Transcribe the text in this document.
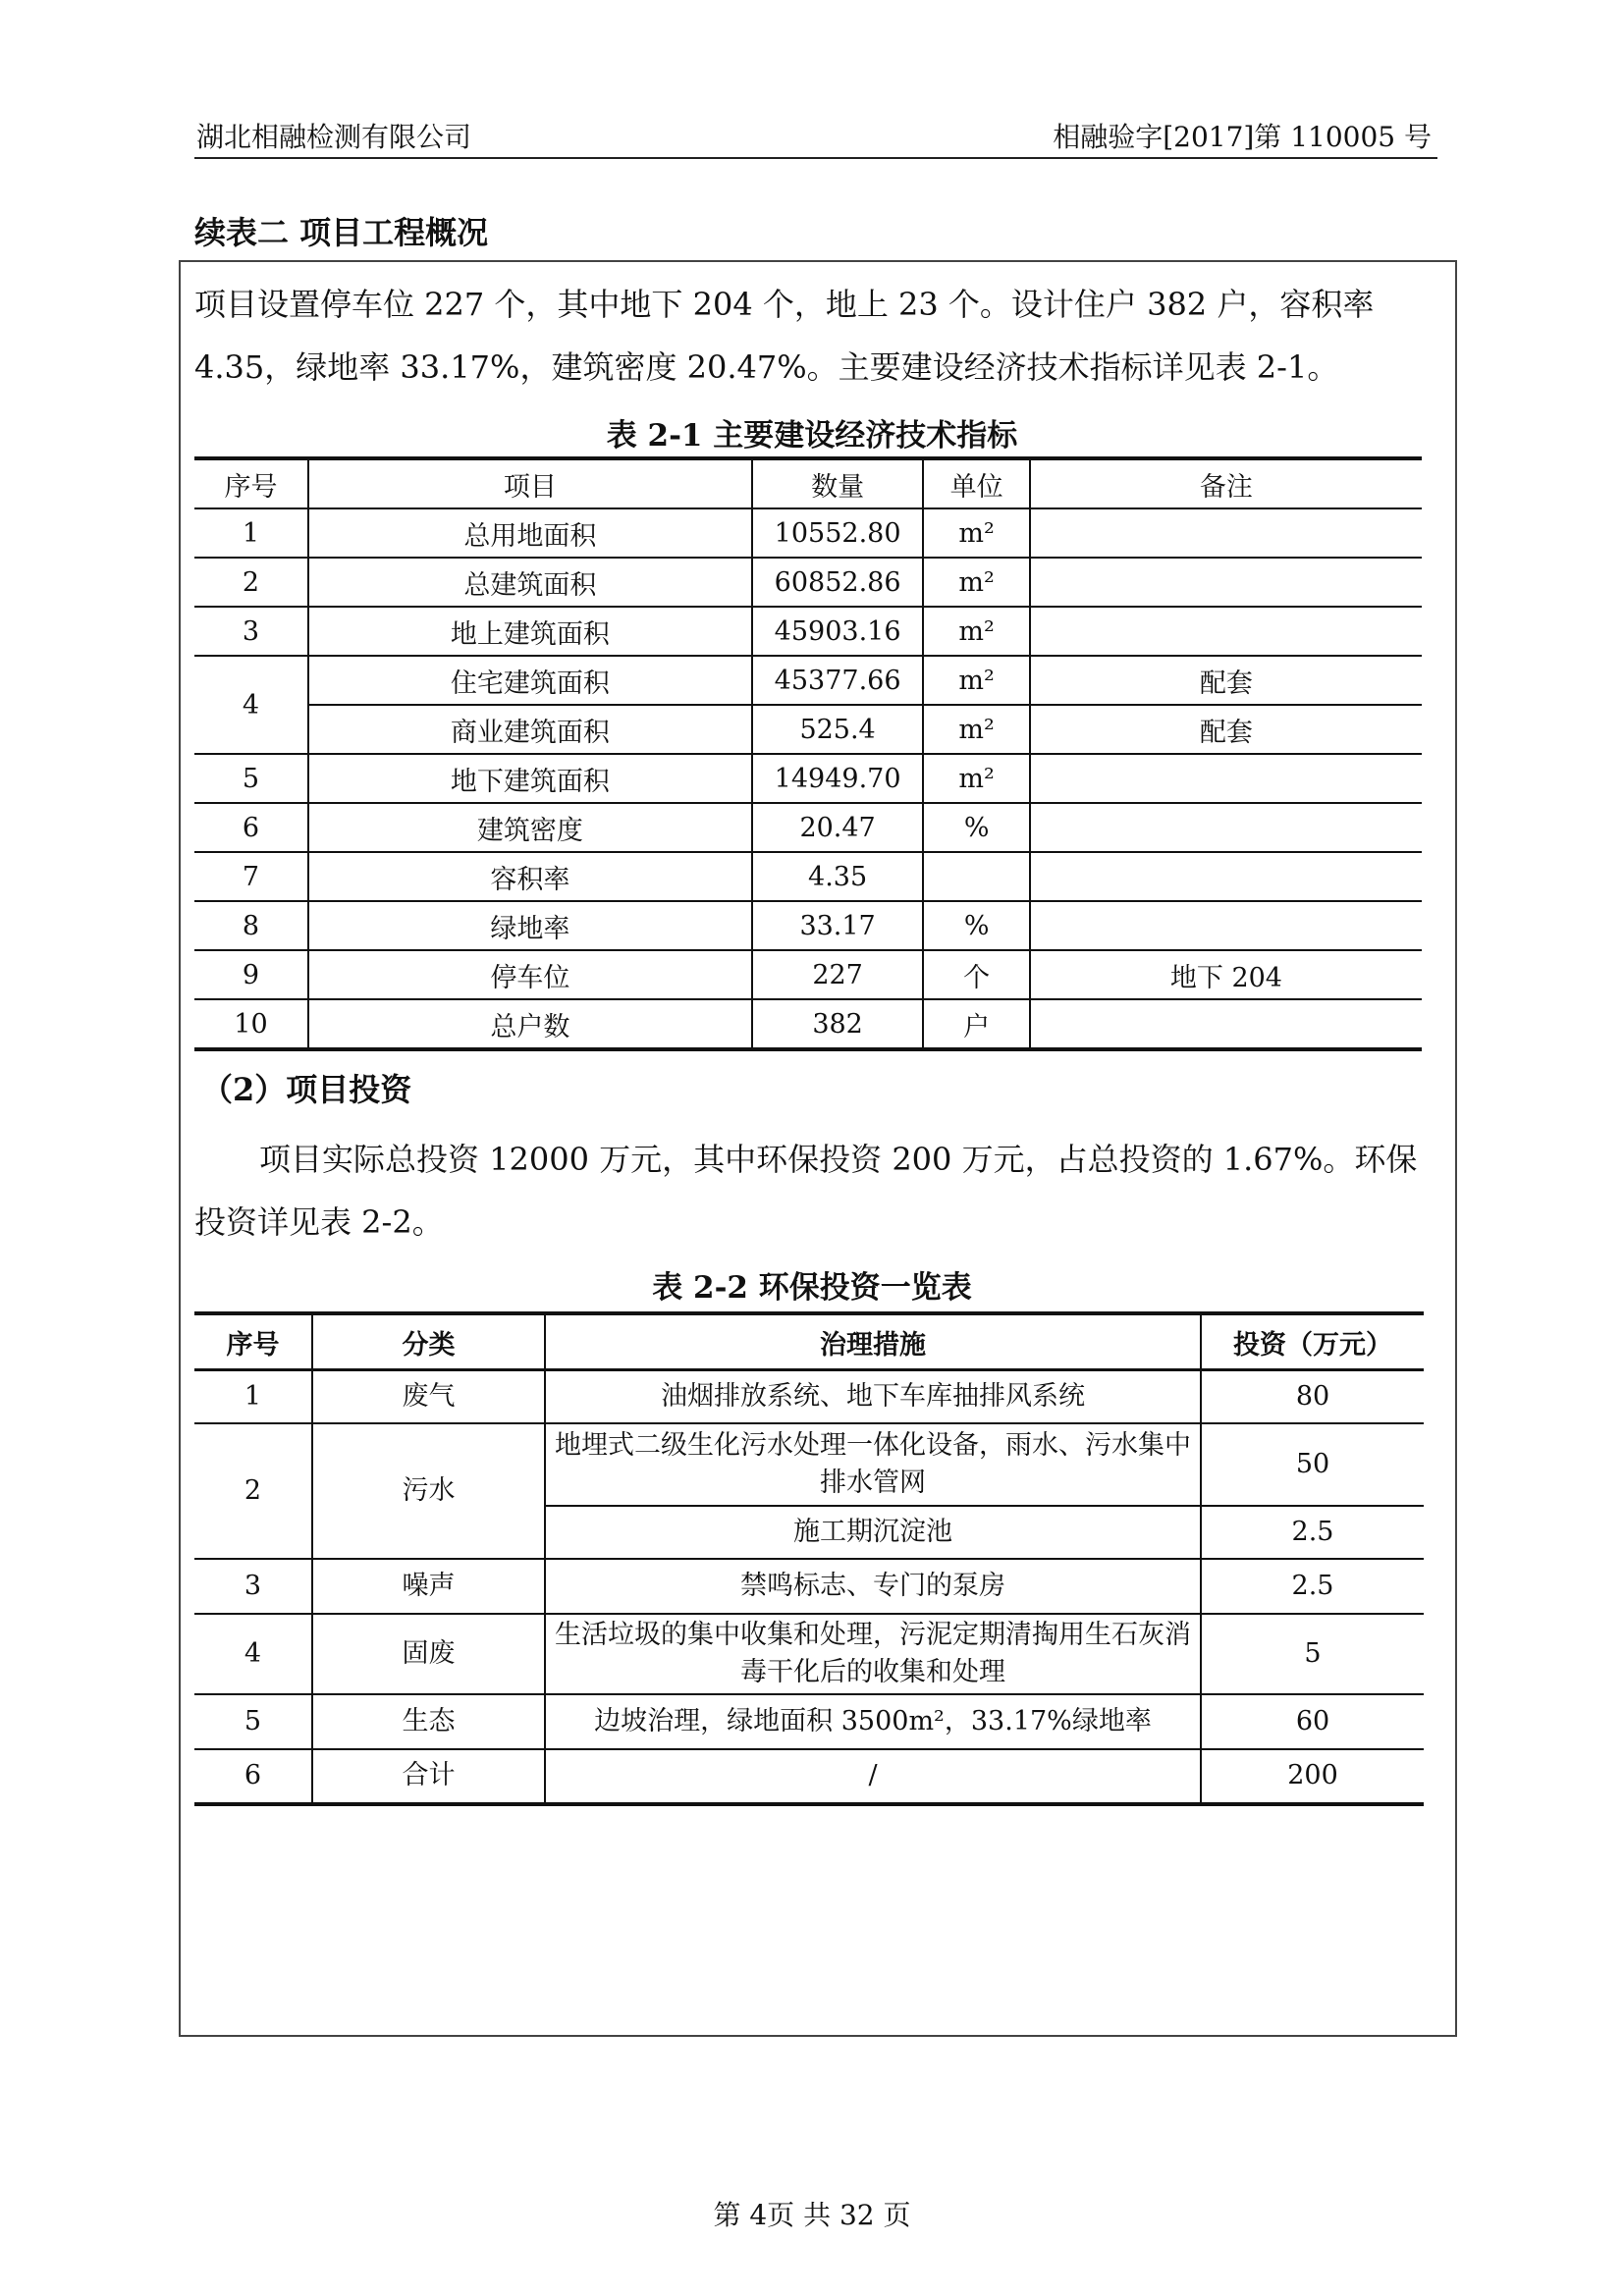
湖北相融检测有限公司	相融验字[2017]第 110005 号
续表二 项目工程概况
项目设置停车位 227 个，其中地下 204 个，地上 23 个。设计住户 382 户，容积率 4.35，绿地率 33.17%，建筑密度 20.47%。主要建设经济技术指标详见表 2-1。
表 2-1 主要建设经济技术指标
序号	项目	数量	单位	备注
1	总用地面积	10552.80	m²	
2	总建筑面积	60852.86	m²	
3	地上建筑面积	45903.16	m²	
4	住宅建筑面积	45377.66	m²	配套
	商业建筑面积	525.4	m²	配套
5	地下建筑面积	14949.70	m²	
6	建筑密度	20.47	%	
7	容积率	4.35		
8	绿地率	33.17	%	
9	停车位	227	个	地下 204
10	总户数	382	户	
（2）项目投资
项目实际总投资 12000 万元，其中环保投资 200 万元，占总投资的 1.67%。环保投资详见表 2-2。
表 2-2 环保投资一览表
序号	分类	治理措施	投资（万元）
1	废气	油烟排放系统、地下车库抽排风系统	80
2	污水	地埋式二级生化污水处理一体化设备，雨水、污水集中排水管网	50
		施工期沉淀池	2.5
3	噪声	禁鸣标志、专门的泵房	2.5
4	固废	生活垃圾的集中收集和处理，污泥定期清掏用生石灰消毒干化后的收集和处理	5
5	生态	边坡治理，绿地面积 3500m²，33.17%绿地率	60
6	合计	/	200
第 4页 共 32 页
